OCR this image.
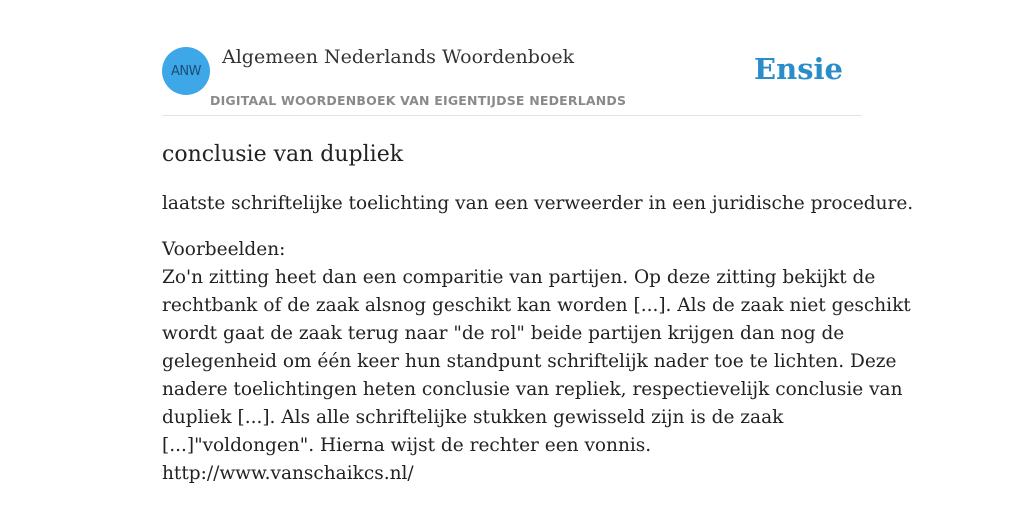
ANW
Algemeen Nederlands Woordenboek
DIGITAAL WOORDENBOEK VAN EIGENTIJDSE NEDERLANDS
Ensie
conclusie van dupliek

laatste schriftelijke toelichting van een verweerder in een juridische procedure.

Voorbeelden:
Zo'n zitting heet dan een comparitie van partijen. Op deze zitting bekijkt de
rechtbank of de zaak alsnog geschikt kan worden [...]. Als de zaak niet geschikt
wordt gaat de zaak terug naar "de rol" beide partijen krijgen dan nog de
gelegenheid om één keer hun standpunt schriftelijk nader toe te lichten. Deze
nadere toelichtingen heten conclusie van repliek, respectievelijk conclusie van
dupliek [...]. Als alle schriftelijke stukken gewisseld zijn is de zaak
[...]"voldongen". Hierna wijst de rechter een vonnis.
http://www.vanschaikcs.nl/
